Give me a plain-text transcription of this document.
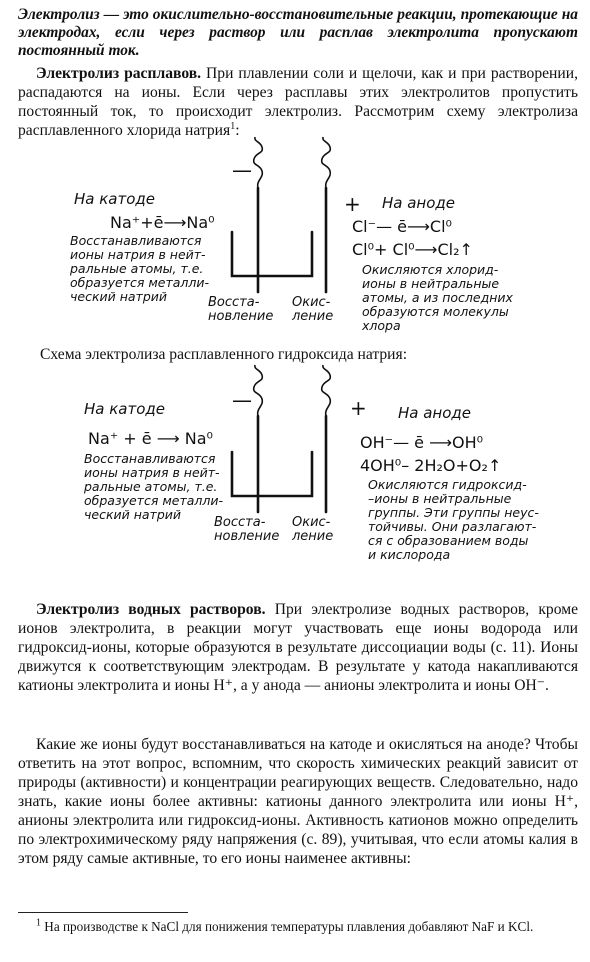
Электролиз — это окислительно-восстановительные реакции, протекающие на электродах, если через раствор или расплав электролита пропускают постоянный ток.

Электролиз расплавов. При плавлении соли и щелочи, как и при растворении, распадаются на ионы. Если через расплавы этих электролитов пропустить постоянный ток, то происходит электролиз. Рассмотрим схему электролиза расплавленного хлорида натрия$^1$:

—

+

На катоде

Na⁺+ē⟶Na⁰

Восстанавливаются
ионы натрия в нейт-
ральные атомы, т.е.
образуется металли-
ческий натрий

На аноде

Cl⁻— ē⟶Cl⁰

Cl⁰+ Cl⁰⟶Cl₂↑

Окисляются хлорид-
ионы в нейтральные
атомы, а из последних
образуются молекулы
хлора

Восста-
новление

Окис-
ление

Схема электролиза расплавленного гидроксида натрия:

—	+

На катоде

Na⁺ + ē ⟶ Na⁰

Восстанавливаются
ионы натрия в нейт-
ральные атомы, т.е.
образуется металли-
ческий натрий

На аноде

OH⁻— ē ⟶OH⁰

4OH⁰– 2H₂O+O₂↑

Окисляются гидроксид-
–ионы в нейтральные
группы. Эти группы неус-
тойчивы. Они разлагают-
ся с образованием воды
и кислорода

Восста-
новление

Окис-
ление

Электролиз водных растворов. При электролизе водных растворов, кроме ионов электролита, в реакции могут участвовать еще ионы водорода или гидроксид-ионы, которые образуются в результате диссоциации воды (с. 11). Ионы движутся к соответствующим электродам. В результате у катода накапливаются катионы электролита и ионы H⁺, а у анода — анионы электролита и ионы OH⁻.

Какие же ионы будут восстанавливаться на катоде и окисляться на аноде? Чтобы ответить на этот вопрос, вспомним, что скорость химических реакций зависит от природы (активности) и концентрации реагирующих веществ. Следовательно, надо знать, какие ионы более активны: катионы данного электролита или ионы H⁺, анионы электролита или гидроксид-ионы. Активность катионов можно определить по электрохимическому ряду напряжения (с. 89), учитывая, что если атомы калия в этом ряду самые активные, то его ионы наименее активны:

$^1$ На производстве к NaCl для понижения температуры плавления добавляют NaF и KCl.
